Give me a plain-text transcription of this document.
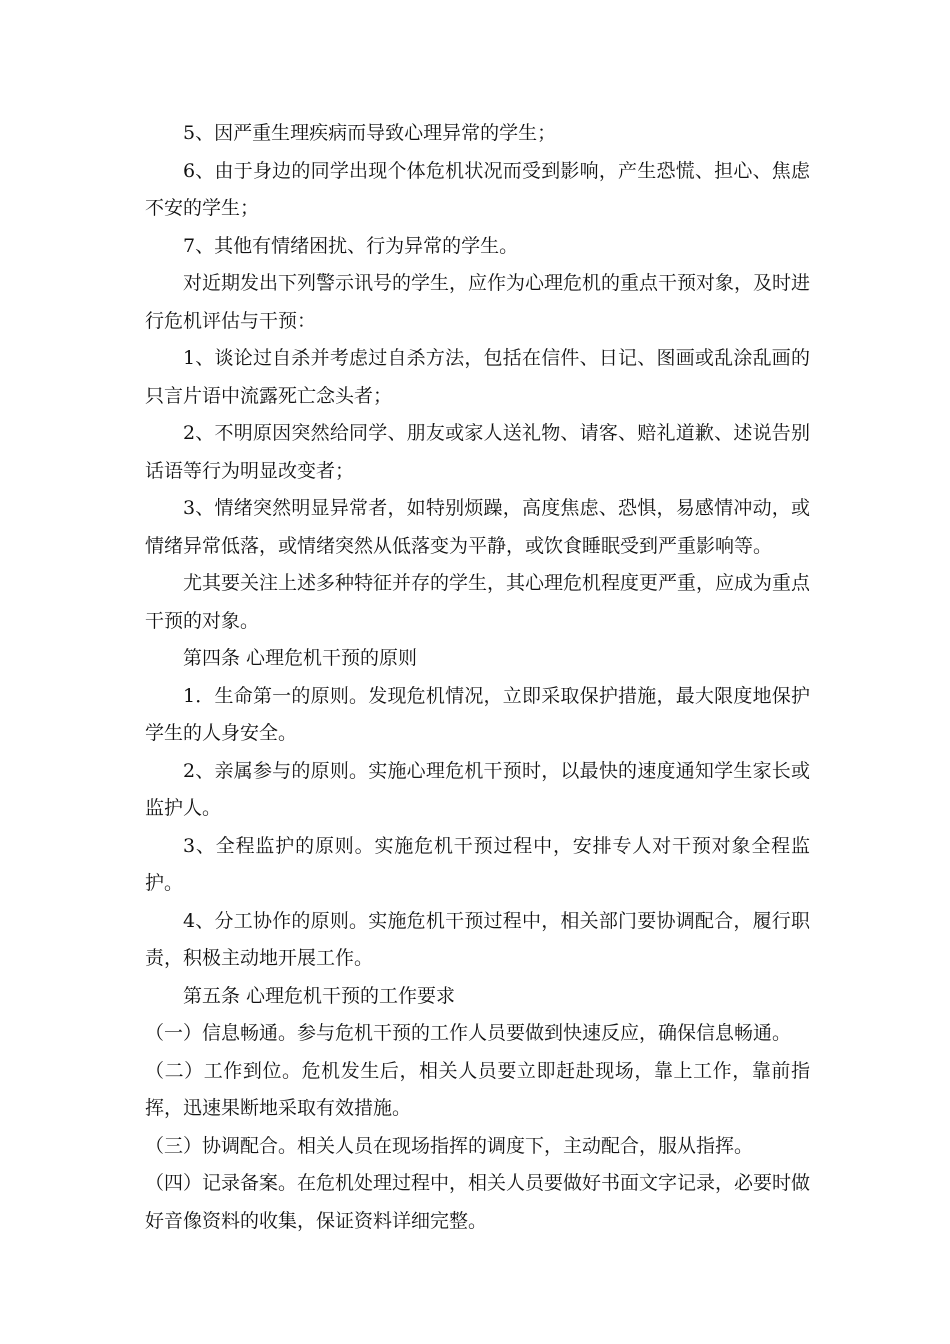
5、因严重生理疾病而导致心理异常的学生；

6、由于身边的同学出现个体危机状况而受到影响，产生恐慌、担心、焦虑不安的学生；

7、其他有情绪困扰、行为异常的学生。

对近期发出下列警示讯号的学生，应作为心理危机的重点干预对象，及时进行危机评估与干预：

1、谈论过自杀并考虑过自杀方法，包括在信件、日记、图画或乱涂乱画的只言片语中流露死亡念头者；

2、不明原因突然给同学、朋友或家人送礼物、请客、赔礼道歉、述说告别话语等行为明显改变者；

3、情绪突然明显异常者，如特别烦躁，高度焦虑、恐惧，易感情冲动，或情绪异常低落，或情绪突然从低落变为平静，或饮食睡眠受到严重影响等。

尤其要关注上述多种特征并存的学生，其心理危机程度更严重，应成为重点干预的对象。

第四条 心理危机干预的原则

1．生命第一的原则。发现危机情况，立即采取保护措施，最大限度地保护学生的人身安全。

2、亲属参与的原则。实施心理危机干预时，以最快的速度通知学生家长或监护人。

3、全程监护的原则。实施危机干预过程中，安排专人对干预对象全程监护。

4、分工协作的原则。实施危机干预过程中，相关部门要协调配合，履行职责，积极主动地开展工作。

第五条 心理危机干预的工作要求

（一）信息畅通。参与危机干预的工作人员要做到快速反应，确保信息畅通。

（二）工作到位。危机发生后，相关人员要立即赶赴现场，靠上工作，靠前指挥，迅速果断地采取有效措施。

（三）协调配合。相关人员在现场指挥的调度下，主动配合，服从指挥。

（四）记录备案。在危机处理过程中，相关人员要做好书面文字记录，必要时做好音像资料的收集，保证资料详细完整。
